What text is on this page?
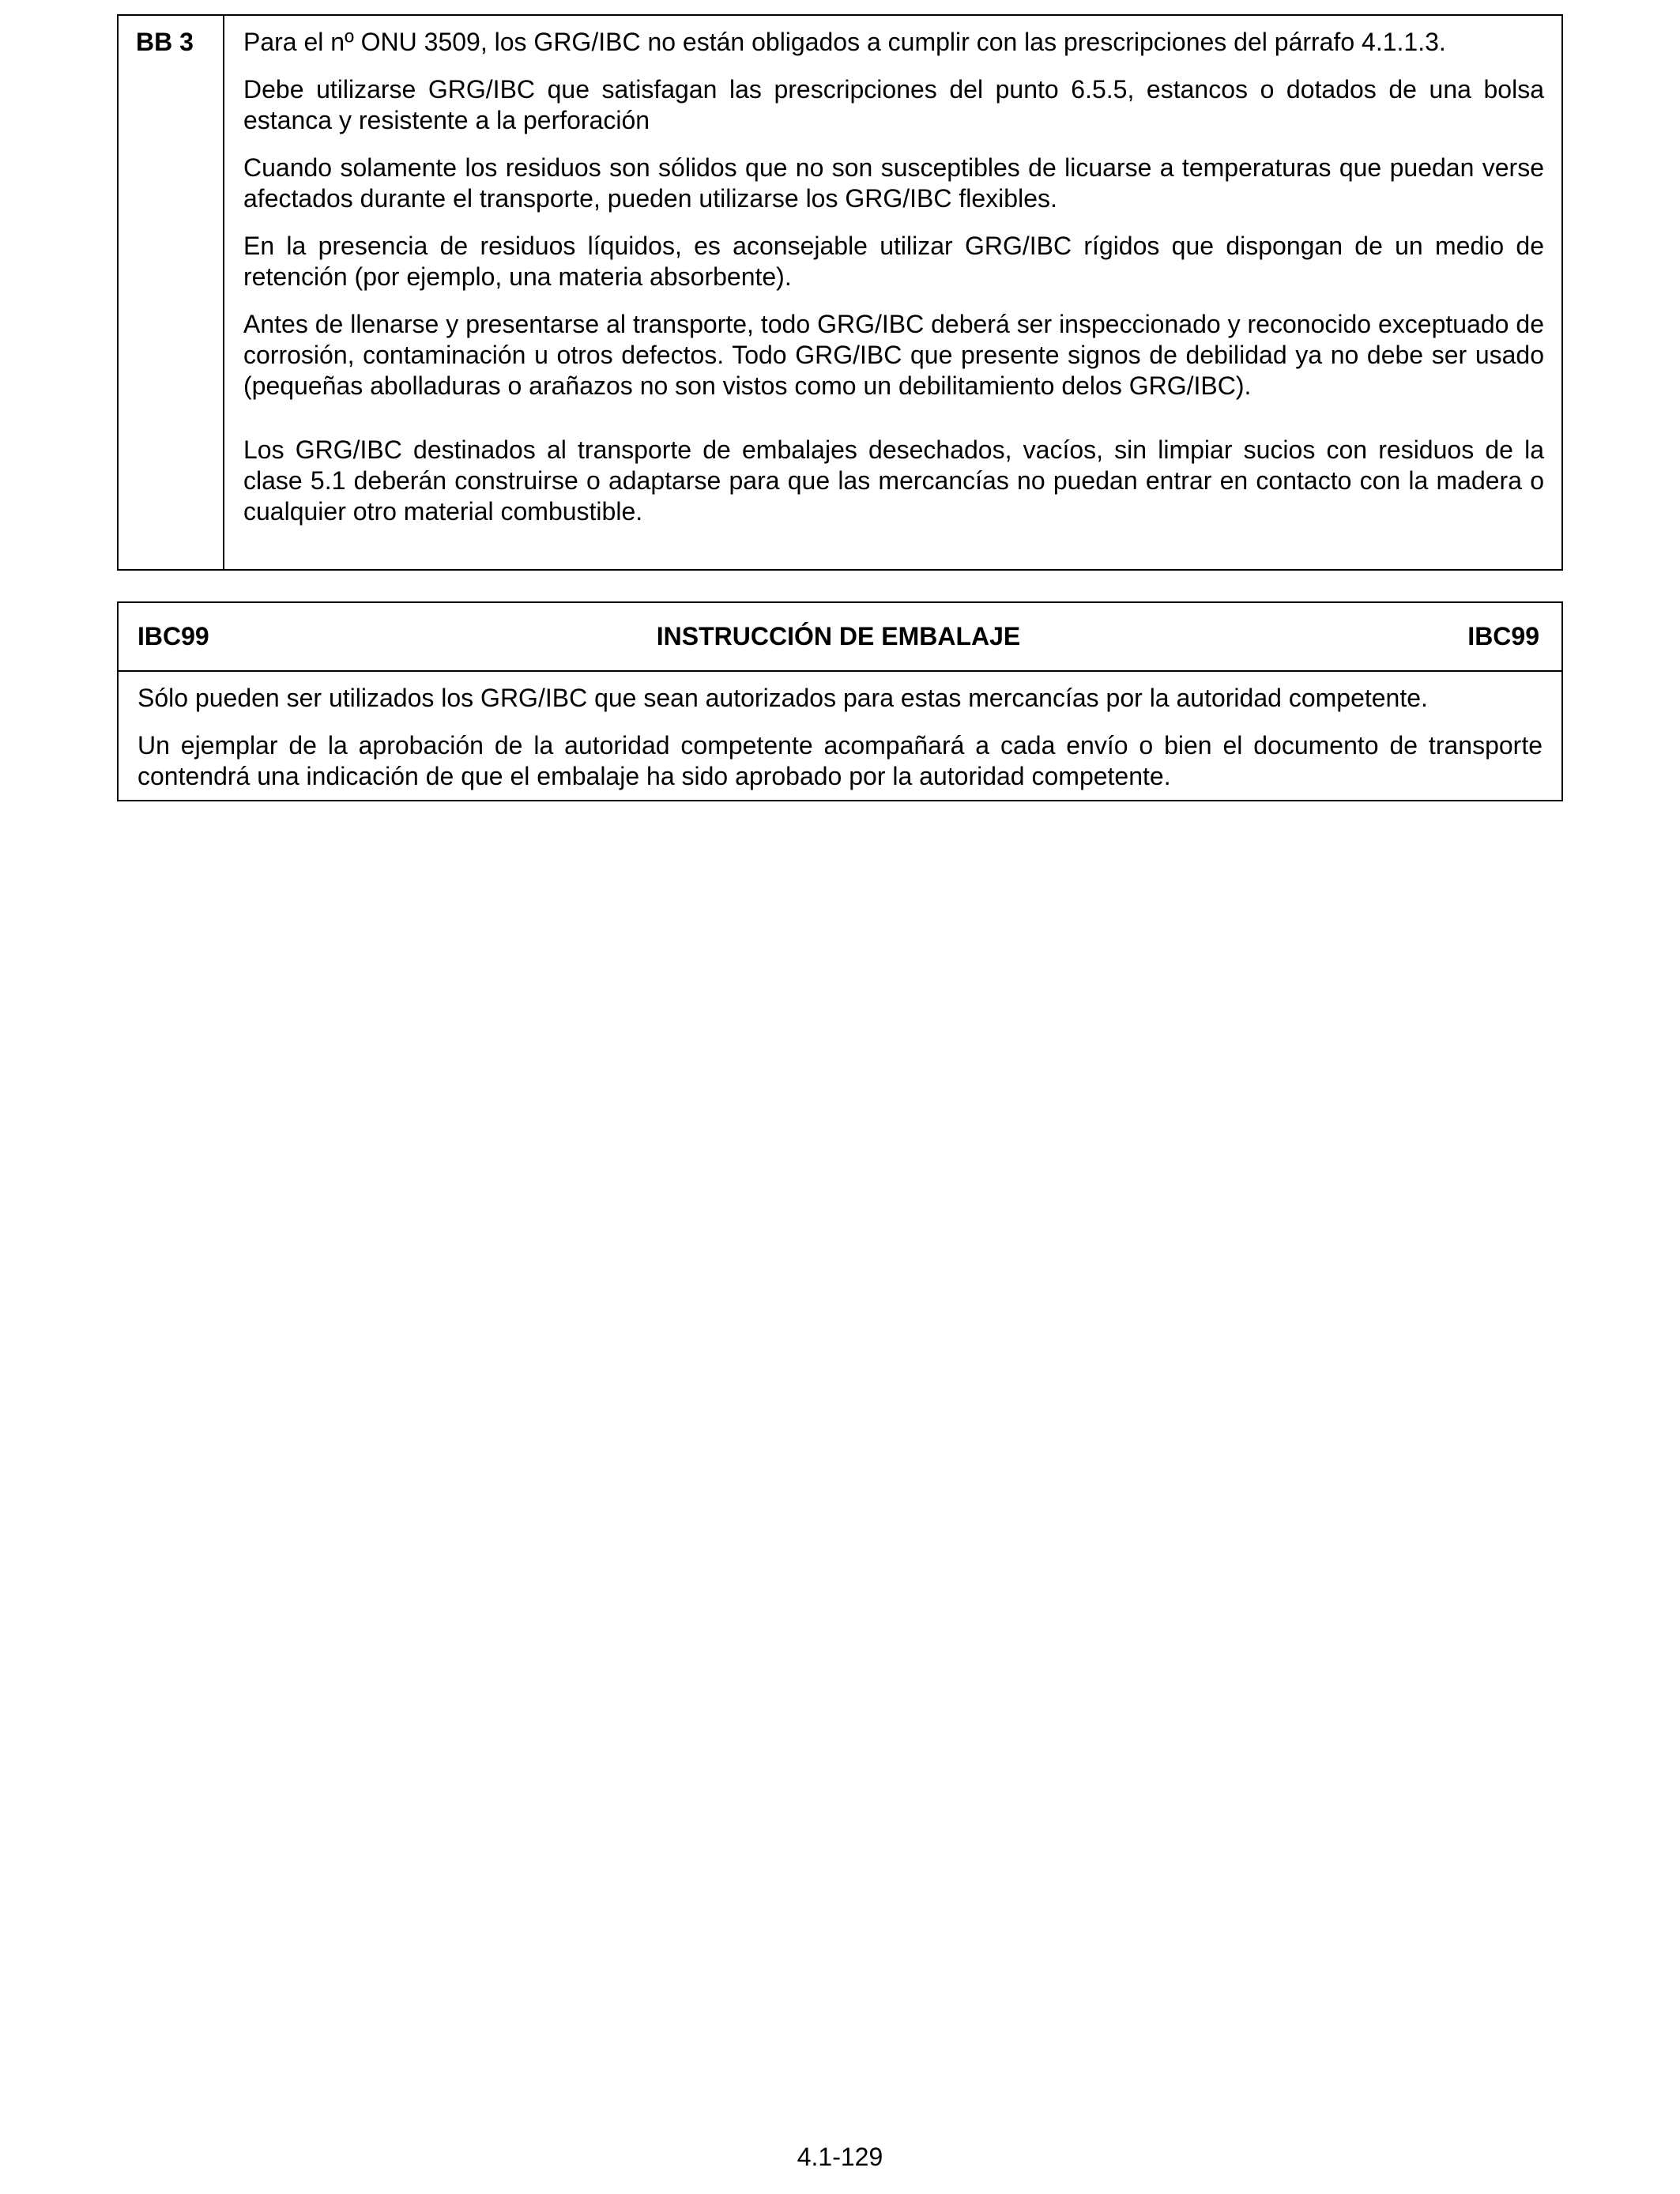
BB 3	Para el nº ONU 3509, los GRG/IBC no están obligados a cumplir con las prescripciones del párrafo 4.1.1.3.

Debe utilizarse GRG/IBC que satisfagan las prescripciones del punto 6.5.5, estancos o dotados de una bolsa estanca y resistente a la perforación

Cuando solamente los residuos son sólidos que no son susceptibles de licuarse a temperaturas que puedan verse afectados durante el transporte, pueden utilizarse los GRG/IBC flexibles.

En la presencia de residuos líquidos, es aconsejable utilizar GRG/IBC rígidos que dispongan de un medio de retención (por ejemplo, una materia absorbente).

Antes de llenarse y presentarse al transporte, todo GRG/IBC deberá ser inspeccionado y reconocido exceptuado de corrosión, contaminación u otros defectos. Todo GRG/IBC que presente signos de debilidad ya no debe ser usado (pequeñas abolladuras o arañazos no son vistos como un debilitamiento delos GRG/IBC).

Los GRG/IBC destinados al transporte de embalajes desechados, vacíos, sin limpiar sucios con residuos de la clase 5.1 deberán construirse o adaptarse para que las mercancías no puedan entrar en contacto con la madera o cualquier otro material combustible.

IBC99	INSTRUCCIÓN DE EMBALAJE	IBC99

Sólo pueden ser utilizados los GRG/IBC que sean autorizados para estas mercancías por la autoridad competente.

Un ejemplar de la aprobación de la autoridad competente acompañará a cada envío o bien el documento de transporte contendrá una indicación de que el embalaje ha sido aprobado por la autoridad competente.

4.1-129
